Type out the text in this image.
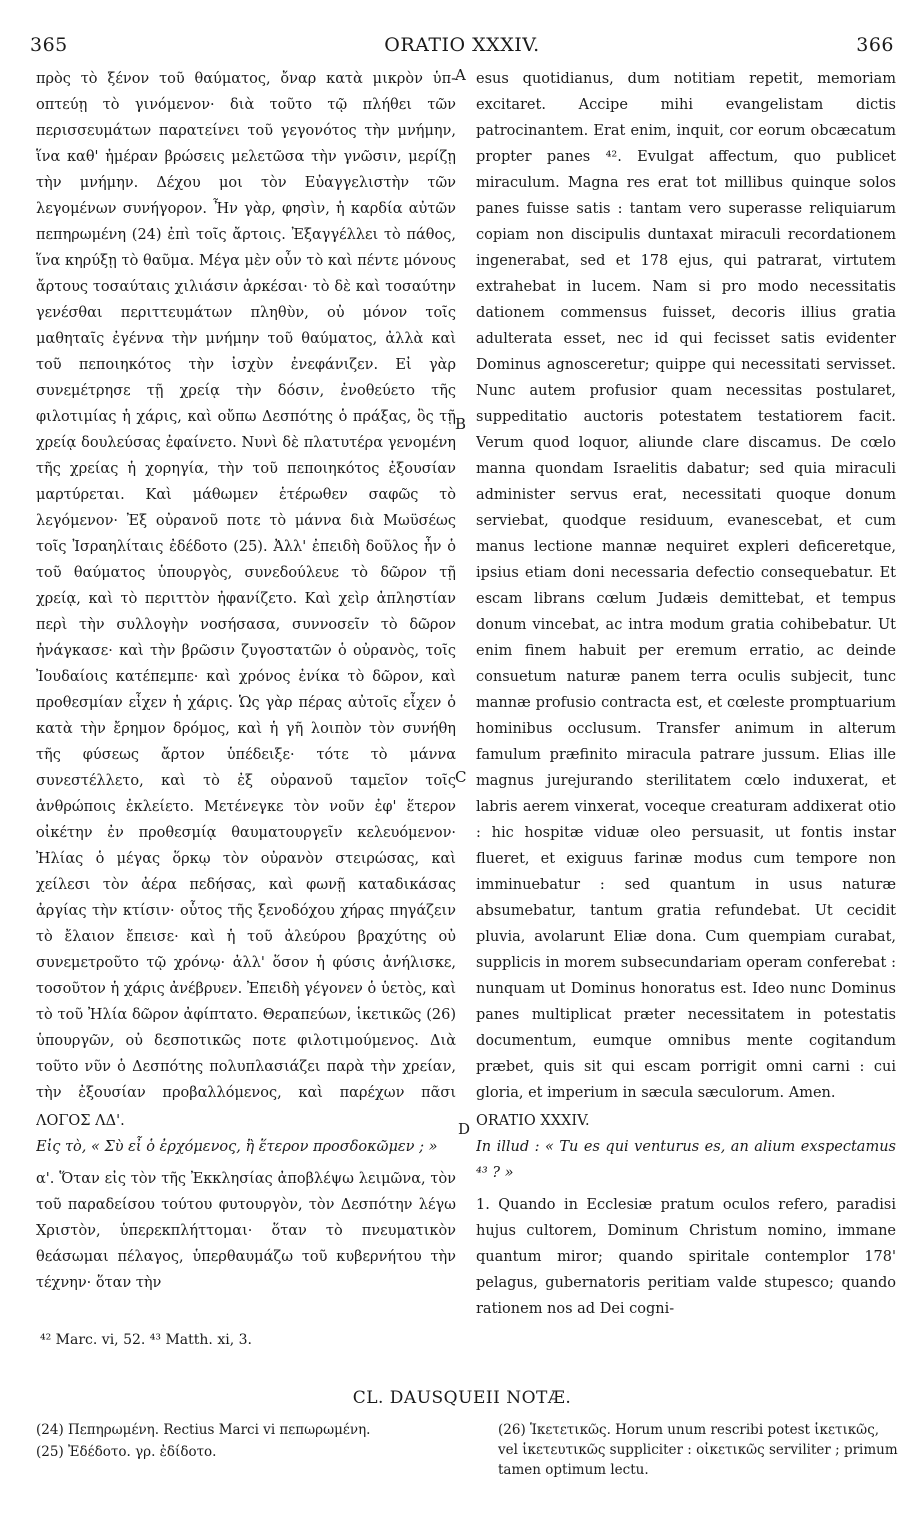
365	ORATIO XXXIV.	366
A
B
C
D

πρὸς τὸ ξένον τοῦ θαύματος, ὄναρ κατὰ μικρὸν ὑπ-οπτεύῃ τὸ γινόμενον· διὰ τοῦτο τῷ πλήθει τῶν περισσευμάτων παρατείνει τοῦ γεγονότος τὴν μνήμην, ἵνα καθ' ἡμέραν βρώσεις μελετῶσα τὴν γνῶσιν, μερίζῃ τὴν μνήμην. Δέχου μοι τὸν Εὐαγγελιστὴν τῶν λεγομένων συνήγορον. Ἦν γὰρ, φησὶν, ἡ καρδία αὐτῶν πεπηρωμένη (24) ἐπὶ τοῖς ἄρτοις. Ἐξαγγέλλει τὸ πάθος, ἵνα κηρύξῃ τὸ θαῦμα. Μέγα μὲν οὖν τὸ καὶ πέντε μόνους ἄρτους τοσαύταις χιλιάσιν ἀρκέσαι· τὸ δὲ καὶ τοσαύτην γενέσθαι περιττευμάτων πληθὺν, οὐ μόνον τοῖς μαθηταῖς ἐγέννα τὴν μνήμην τοῦ θαύματος, ἀλλὰ καὶ τοῦ πεποιηκότος τὴν ἰσχὺν ἐνεφάνιζεν. Εἰ γὰρ συνεμέτρησε τῇ χρείᾳ τὴν δόσιν, ἐνοθεύετο τῆς φιλοτιμίας ἡ χάρις, καὶ οὔπω Δεσπότης ὁ πράξας, ὃς τῇ χρείᾳ δουλεύσας ἐφαίνετο. Νυνὶ δὲ πλατυτέρα γενομένη τῆς χρείας ἡ χορηγία, τὴν τοῦ πεποιηκότος ἐξουσίαν μαρτύρεται. Καὶ μάθωμεν ἑτέρωθεν σαφῶς τὸ λεγόμενον· Ἐξ οὐρανοῦ ποτε τὸ μάννα διὰ Μωϋσέως τοῖς Ἰσραηλίταις ἐδέδοτο (25). Ἀλλ' ἐπειδὴ δοῦλος ἦν ὁ τοῦ θαύματος ὑπουργὸς, συνεδούλευε τὸ δῶρον τῇ χρείᾳ, καὶ τὸ περιττὸν ἠφανίζετο. Καὶ χεὶρ ἀπληστίαν περὶ τὴν συλλογὴν νοσήσασα, συννοσεῖν τὸ δῶρον ἠνάγκασε· καὶ τὴν βρῶσιν ζυγοστατῶν ὁ οὐρανὸς, τοῖς Ἰουδαίοις κατέπεμπε· καὶ χρόνος ἐνίκα τὸ δῶρον, καὶ προθεσμίαν εἶχεν ἡ χάρις. Ὡς γὰρ πέρας αὐτοῖς εἶχεν ὁ κατὰ τὴν ἔρημον δρόμος, καὶ ἡ γῆ λοιπὸν τὸν συνήθη τῆς φύσεως ἄρτον ὑπέδειξε· τότε τὸ μάννα συνεστέλλετο, καὶ τὸ ἐξ οὐρανοῦ ταμεῖον τοῖς ἀνθρώποις ἐκλείετο. Μετένεγκε τὸν νοῦν ἐφ' ἕτερον οἰκέτην ἐν προθεσμίᾳ θαυματουργεῖν κελευόμενον· Ἠλίας ὁ μέγας ὅρκῳ τὸν οὐρανὸν στειρώσας, καὶ χείλεσι τὸν ἀέρα πεδήσας, καὶ φωνῇ καταδικάσας ἀργίας τὴν κτίσιν· οὗτος τῆς ξενοδόχου χήρας πηγάζειν τὸ ἔλαιον ἔπεισε· καὶ ἡ τοῦ ἀλεύρου βραχύτης οὐ συνεμετροῦτο τῷ χρόνῳ· ἀλλ' ὅσον ἡ φύσις ἀνήλισκε, τοσοῦτον ἡ χάρις ἀνέβρυεν. Ἐπειδὴ γέγονεν ὁ ὑετὸς, καὶ τὸ τοῦ Ἠλία δῶρον ἀφίπτατο. Θεραπεύων, ἱκετικῶς (26) ὑπουργῶν, οὐ δεσποτικῶς ποτε φιλοτιμούμενος. Διὰ τοῦτο νῦν ὁ Δεσπότης πολυπλασιάζει παρὰ τὴν χρείαν, τὴν ἐξουσίαν προβαλλόμενος, καὶ παρέχων πᾶσι

ΛΟΓΟΣ ΛΔ'.

Εἰς τὸ, « Σὺ εἶ ὁ ἐρχόμενος, ἢ ἕτερον προσδοκῶμεν ; »

α'. Ὅταν εἰς τὸν τῆς Ἐκκλησίας ἀποβλέψω λειμῶνα, τὸν τοῦ παραδείσου τούτου φυτουργὸν, τὸν Δεσπότην λέγω Χριστὸν, ὑπερεκπλήττομαι· ὅταν τὸ πνευματικὸν θεάσωμαι πέλαγος, ὑπερθαυμάζω τοῦ κυβερνήτου τὴν τέχνην· ὅταν τὴν

esus quotidianus, dum notitiam repetit, memoriam excitaret. Accipe mihi evangelistam dictis patrocinantem. Erat enim, inquit, cor eorum obcæcatum propter panes ⁴². Evulgat affectum, quo publicet miraculum. Magna res erat tot millibus quinque solos panes fuisse satis : tantam vero superasse reliquiarum copiam non discipulis duntaxat miraculi recordationem ingenerabat, sed et 178 ejus, qui patrarat, virtutem extrahebat in lucem. Nam si pro modo necessitatis dationem commensus fuisset, decoris illius gratia adulterata esset, nec id qui fecisset satis evidenter Dominus agnosceretur; quippe qui necessitati servisset. Nunc autem profusior quam necessitas postularet, suppeditatio auctoris potestatem testatiorem facit. Verum quod loquor, aliunde clare discamus. De cœlo manna quondam Israelitis dabatur; sed quia miraculi administer servus erat, necessitati quoque donum serviebat, quodque residuum, evanescebat, et cum manus lectione mannæ nequiret expleri deficeretque, ipsius etiam doni necessaria defectio consequebatur. Et escam librans cœlum Judæis demittebat, et tempus donum vincebat, ac intra modum gratia cohibebatur. Ut enim finem habuit per eremum erratio, ac deinde consuetum naturæ panem terra oculis subjecit, tunc mannæ profusio contracta est, et cœleste promptuarium hominibus occlusum. Transfer animum in alterum famulum præfinito miracula patrare jussum. Elias ille magnus jurejurando sterilitatem cœlo induxerat, et labris aerem vinxerat, voceque creaturam addixerat otio : hic hospitæ viduæ oleo persuasit, ut fontis instar flueret, et exiguus farinæ modus cum tempore non imminuebatur : sed quantum in usus naturæ absumebatur, tantum gratia refundebat. Ut cecidit pluvia, avolarunt Eliæ dona. Cum quempiam curabat, supplicis in morem subsecundariam operam conferebat : nunquam ut Dominus honoratus est. Ideo nunc Dominus panes multiplicat præter necessitatem in potestatis documentum, eumque omnibus mente cogitandum præbet, quis sit qui escam porrigit omni carni : cui gloria, et imperium in sæcula sæculorum. Amen.

ORATIO XXXIV.

In illud : « Tu es qui venturus es, an alium exspectamus ⁴³ ? »

1. Quando in Ecclesiæ pratum oculos refero, paradisi hujus cultorem, Dominum Christum nomino, immane quantum miror; quando spiritale contemplor 178' pelagus, gubernatoris peritiam valde stupesco; quando rationem nos ad Dei cogni-

⁴² Marc. vi, 52. ⁴³ Matth. xi, 3.
CL. DAUSQUEII NOTÆ.
(24) Πεπηρωμένη. Rectius Marci vi πεπωρωμένη.
(25) Ἐδέδοτο. γρ. ἐδίδοτο.
(26) Ἱκετετικῶς. Horum unum rescribi potest ἱκετικῶς, vel ἱκετευτικῶς suppliciter : οἰκετικῶς serviliter ; primum tamen optimum lectu.
